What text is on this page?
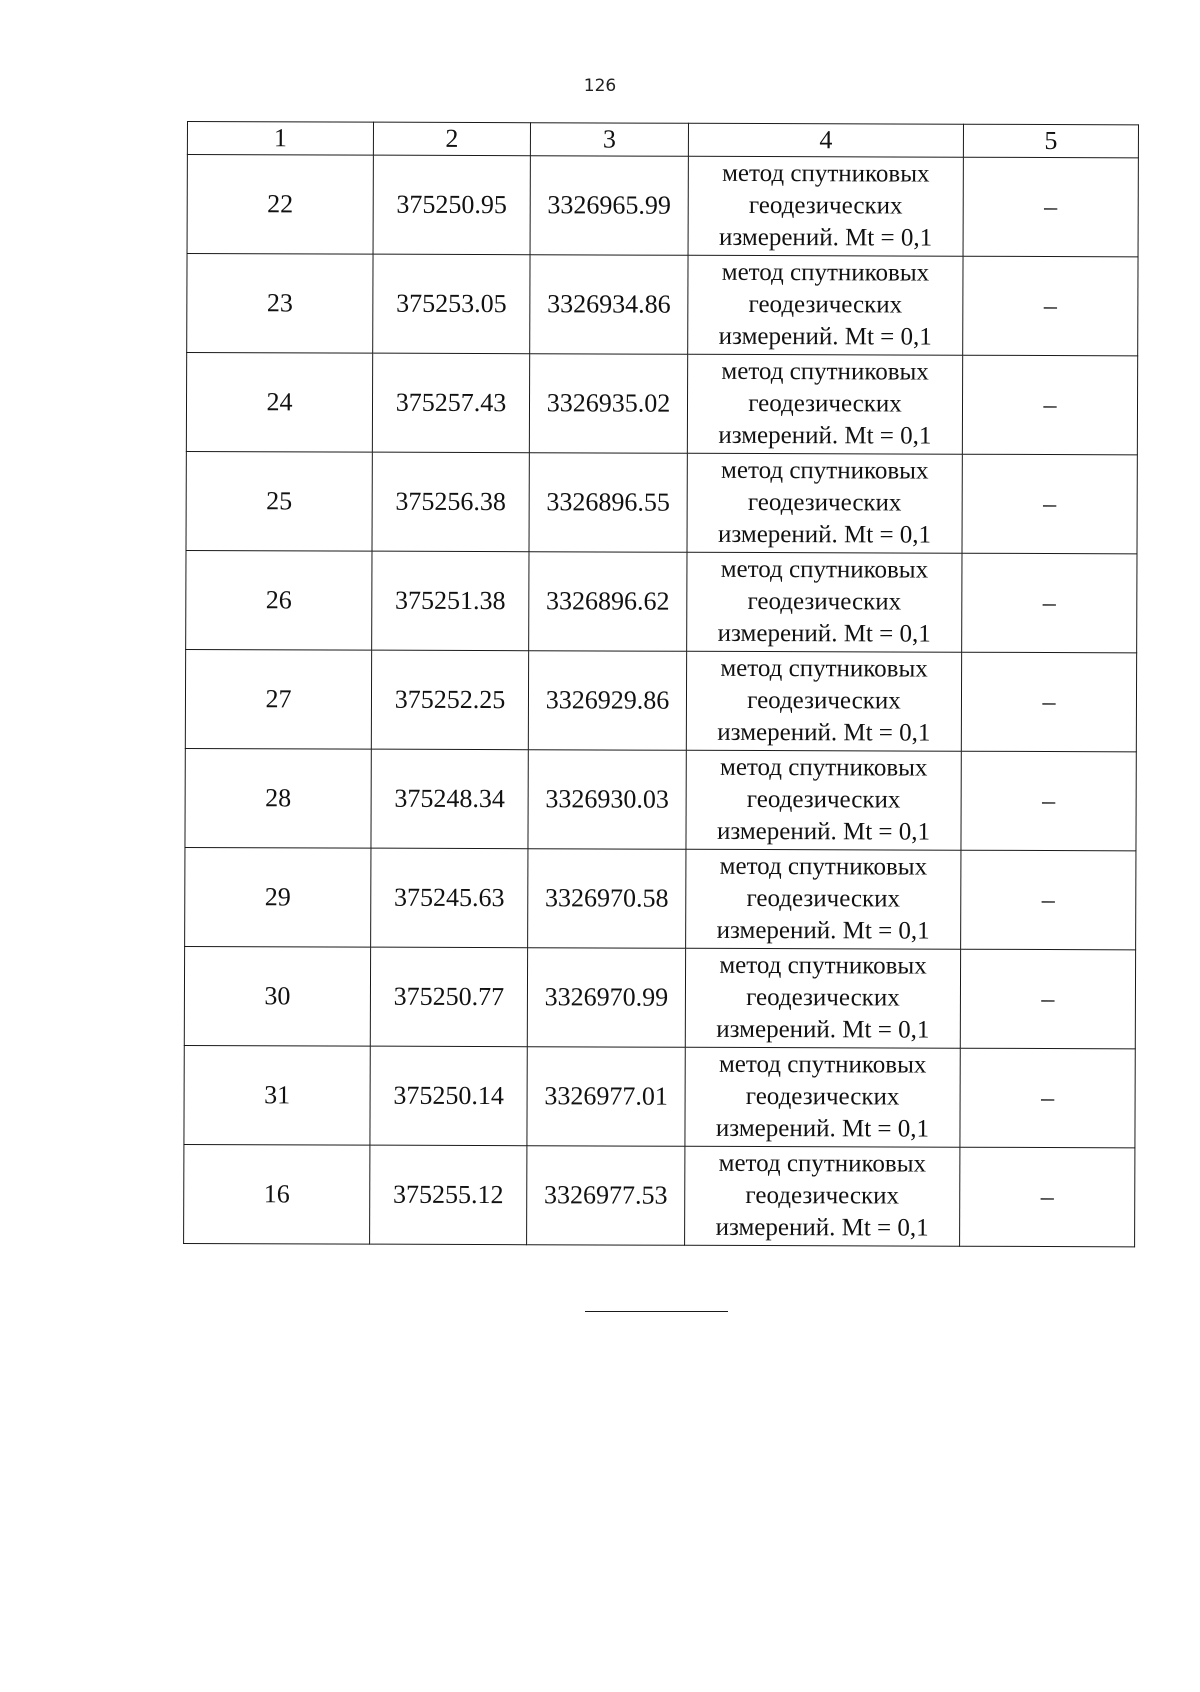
126
1	2	3	4	5
22	375250.95	3326965.99	метод спутниковых
геодезических
измерений. Mt = 0,1	–
23	375253.05	3326934.86	метод спутниковых
геодезических
измерений. Mt = 0,1	–
24	375257.43	3326935.02	метод спутниковых
геодезических
измерений. Mt = 0,1	–
25	375256.38	3326896.55	метод спутниковых
геодезических
измерений. Mt = 0,1	–
26	375251.38	3326896.62	метод спутниковых
геодезических
измерений. Mt = 0,1	–
27	375252.25	3326929.86	метод спутниковых
геодезических
измерений. Mt = 0,1	–
28	375248.34	3326930.03	метод спутниковых
геодезических
измерений. Mt = 0,1	–
29	375245.63	3326970.58	метод спутниковых
геодезических
измерений. Mt = 0,1	–
30	375250.77	3326970.99	метод спутниковых
геодезических
измерений. Mt = 0,1	–
31	375250.14	3326977.01	метод спутниковых
геодезических
измерений. Mt = 0,1	–
16	375255.12	3326977.53	метод спутниковых
геодезических
измерений. Mt = 0,1	–
